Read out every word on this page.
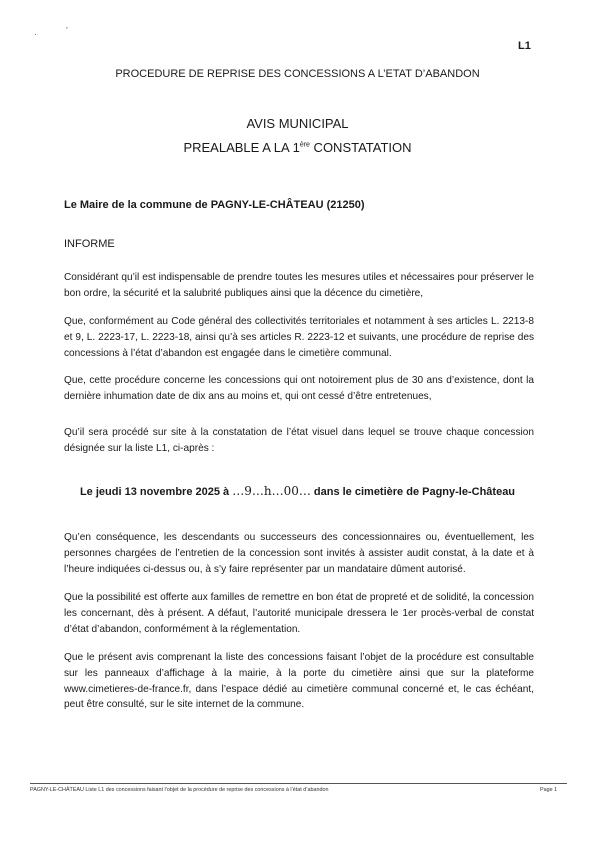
·	’
L1
PROCEDURE DE REPRISE DES CONCESSIONS A L’ETAT D’ABANDON
AVIS MUNICIPAL
PREALABLE A LA 1ère CONSTATATION
Le Maire de la commune de PAGNY-LE-CHÂTEAU (21250)
INFORME
Considérant qu’il est indispensable de prendre toutes les mesures utiles et nécessaires pour préserver le bon ordre, la sécurité et la salubrité publiques ainsi que la décence du cimetière,
Que, conformément au Code général des collectivités territoriales et notamment à ses articles L. 2213-8 et 9, L. 2223-17, L. 2223-18, ainsi qu’à ses articles R. 2223-12 et suivants, une procédure de reprise des concessions à l’état d’abandon est engagée dans le cimetière communal.
Que, cette procédure concerne les concessions qui ont notoirement plus de 30 ans d’existence, dont la dernière inhumation date de dix ans au moins et, qui ont cessé d’être entretenues,
Qu’il sera procédé sur site à la constatation de l’état visuel dans lequel se trouve chaque concession désignée sur la liste L1, ci-après :
Le jeudi 13 novembre 2025 à …9…h…00… dans le cimetière de Pagny-le-Château
Qu’en conséquence, les descendants ou successeurs des concessionnaires ou, éventuellement, les personnes chargées de l’entretien de la concession sont invités à assister audit constat, à la date et à l’heure indiquées ci-dessus ou, à s’y faire représenter par un mandataire dûment autorisé.
Que la possibilité est offerte aux familles de remettre en bon état de propreté et de solidité, la concession les concernant, dès à présent. A défaut, l’autorité municipale dressera le 1er procès-verbal de constat d’état d’abandon, conformément à la réglementation.
Que le présent avis comprenant la liste des concessions faisant l’objet de la procédure est consultable sur les panneaux d’affichage à la mairie, à la porte du cimetière ainsi que sur la plateforme www.cimetieres-de-france.fr, dans l’espace dédié au cimetière communal concerné et, le cas échéant, peut être consulté, sur le site internet de la commune.
PAGNY-LE-CHÂTEAU Liste L1 des concessions faisant l’objet de la procédure de reprise des concessions à l’état d’abandon	Page 1
